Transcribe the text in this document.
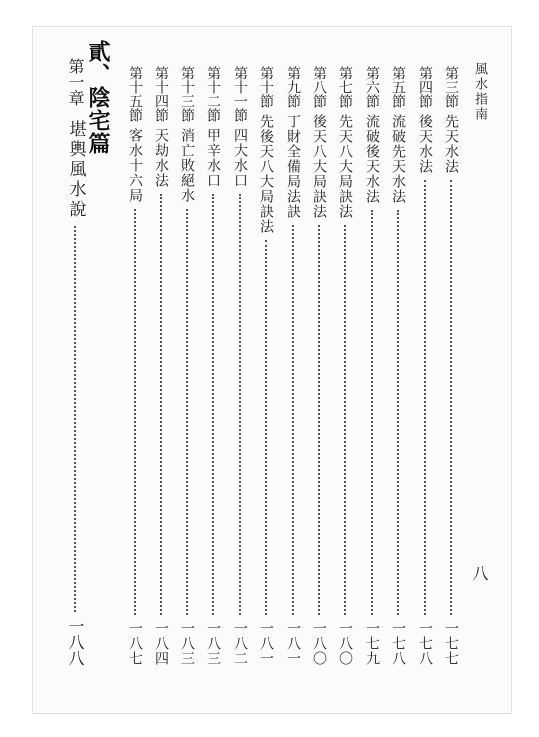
風水指南
八
第三節
先天水法
一七七
第四節
後天水法
一七八
第五節
流破先天水法
一七八
第六節
流破後天水法
一七九
第七節
先天八大局訣法
一八〇
第八節
後天八大局訣法
一八〇
第九節
丁財全備局法訣
一八一
第十節
先後天八大局訣法
一八一
第十一節
四大水口
一八二
第十二節
甲辛水口
一八三
第十三節
消亡敗絕水
一八三
第十四節
天劫水法
一八四
第十五節
客水十六局
一八七
貳、陰宅篇
第一章
堪輿風水說
一八八
